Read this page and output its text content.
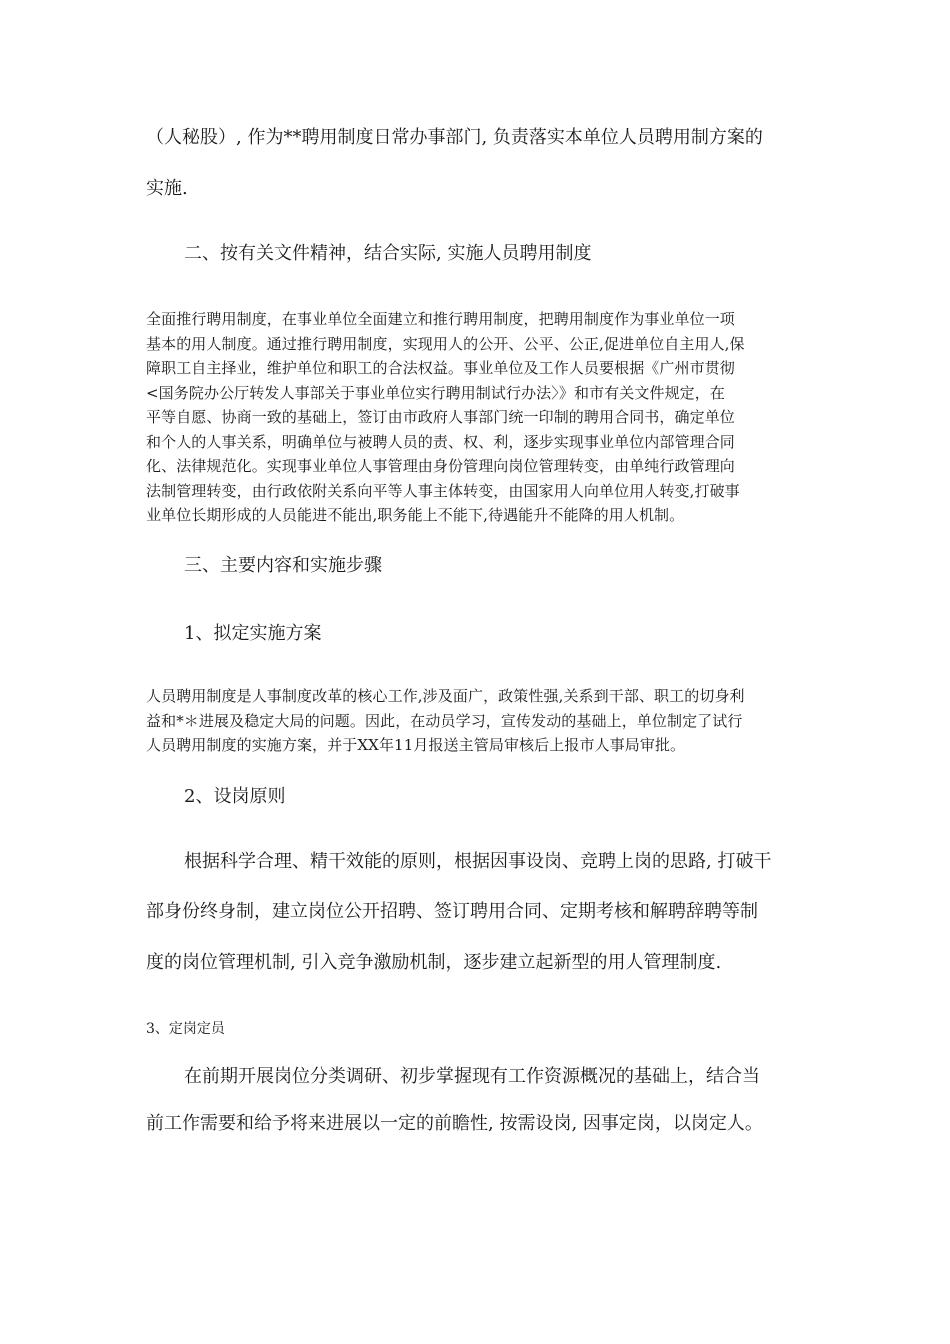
（人秘股）, 作为**聘用制度日常办事部门, 负责落实本单位人员聘用制方案的
实施.
二、按有关文件精神，结合实际, 实施人员聘用制度
全面推行聘用制度，在事业单位全面建立和推行聘用制度，把聘用制度作为事业单位一项
基本的用人制度。通过推行聘用制度，实现用人的公开、公平、公正,促进单位自主用人,保
障职工自主择业，维护单位和职工的合法权益。事业单位及工作人员要根据《广州市贯彻
<国务院办公厅转发人事部关于事业单位实行聘用制试行办法〉》和市有关文件规定，在
平等自愿、协商一致的基础上，签订由市政府人事部门统一印制的聘用合同书，确定单位
和个人的人事关系，明确单位与被聘人员的责、权、利，逐步实现事业单位内部管理合同
化、法律规范化。实现事业单位人事管理由身份管理向岗位管理转变，由单纯行政管理向
法制管理转变，由行政依附关系向平等人事主体转变，由国家用人向单位用人转变,打破事
业单位长期形成的人员能进不能出,职务能上不能下,待遇能升不能降的用人机制。
三、主要内容和实施步骤
1、拟定实施方案
人员聘用制度是人事制度改革的核心工作,涉及面广，政策性强,关系到干部、职工的切身利
益和*＊进展及稳定大局的问题。因此，在动员学习，宣传发动的基础上，单位制定了试行
人员聘用制度的实施方案，并于XX年11月报送主管局审核后上报市人事局审批。
2、设岗原则
根据科学合理、精干效能的原则，根据因事设岗、竞聘上岗的思路, 打破干
部身份终身制，建立岗位公开招聘、签订聘用合同、定期考核和解聘辞聘等制
度的岗位管理机制, 引入竞争激励机制，逐步建立起新型的用人管理制度.
3、定岗定员
在前期开展岗位分类调研、初步掌握现有工作资源概况的基础上，结合当
前工作需要和给予将来进展以一定的前瞻性, 按需设岗, 因事定岗，以岗定人。
